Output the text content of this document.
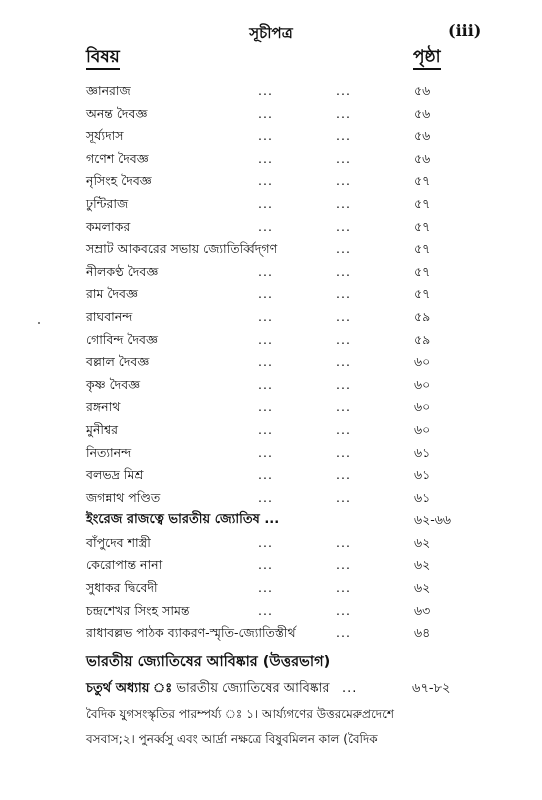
সূচীপত্র	(iii)
বিষয়	পৃষ্ঠা
জ্ঞানরাজ	...	...	৫৬
অনন্ত দৈবজ্ঞ	...	...	৫৬
সূর্য্যদাস	...	...	৫৬
গণেশ দৈবজ্ঞ	...	...	৫৬
নৃসিংহ দৈবজ্ঞ	...	...	৫৭
ঢুন্টিরাজ	...	...	৫৭
কমলাকর	...	...	৫৭
সম্রাট আকবরের সভায় জ্যোতির্ব্বিদ্‌গণ	...	৫৭
নীলকণ্ঠ দৈবজ্ঞ	...	...	৫৭
রাম দৈবজ্ঞ	...	...	৫৭
রাঘবানন্দ	...	...	৫৯
গোবিন্দ দৈবজ্ঞ	...	...	৫৯
বল্লাল দৈবজ্ঞ	...	...	৬০
কৃষ্ণ দৈবজ্ঞ	...	...	৬০
রঙ্গনাথ	...	...	৬০
মুনীশ্বর	...	...	৬০
নিত্যানন্দ	...	...	৬১
বলভদ্র মিশ্র	...	...	৬১
জগন্নাথ পণ্ডিত	...	...	৬১
ইংরেজ রাজত্বে ভারতীয় জ্যোতিষ ...	৬২-৬৬
বাঁপুদেব শাস্ত্রী	...	...	৬২
কেরোপান্ত নানা	...	...	৬২
সুধাকর দ্বিবেদী	...	...	৬২
চন্দ্রশেখর সিংহ সামন্ত	...	...	৬৩
রাধাবল্লভ পাঠক ব্যাকরণ-স্মৃতি-জ্যোতিস্তীর্থ	...	৬৪
ভারতীয় জ্যোতিষের আবিষ্কার (উত্তরভাগ)
চতুর্থ অধ্যায় ঃ ভারতীয় জ্যোতিষের আবিষ্কার ...	৬৭-৮২
বৈদিক যুগসংস্কৃতির পারম্পর্য্য ঃ ১। আর্য্যগণের উত্তরমেরুপ্রদেশে
বসবাস;২। পুনর্ব্বসু এবং আর্দ্রা নক্ষত্রে বিষুবমিলন কাল (বৈদিক
